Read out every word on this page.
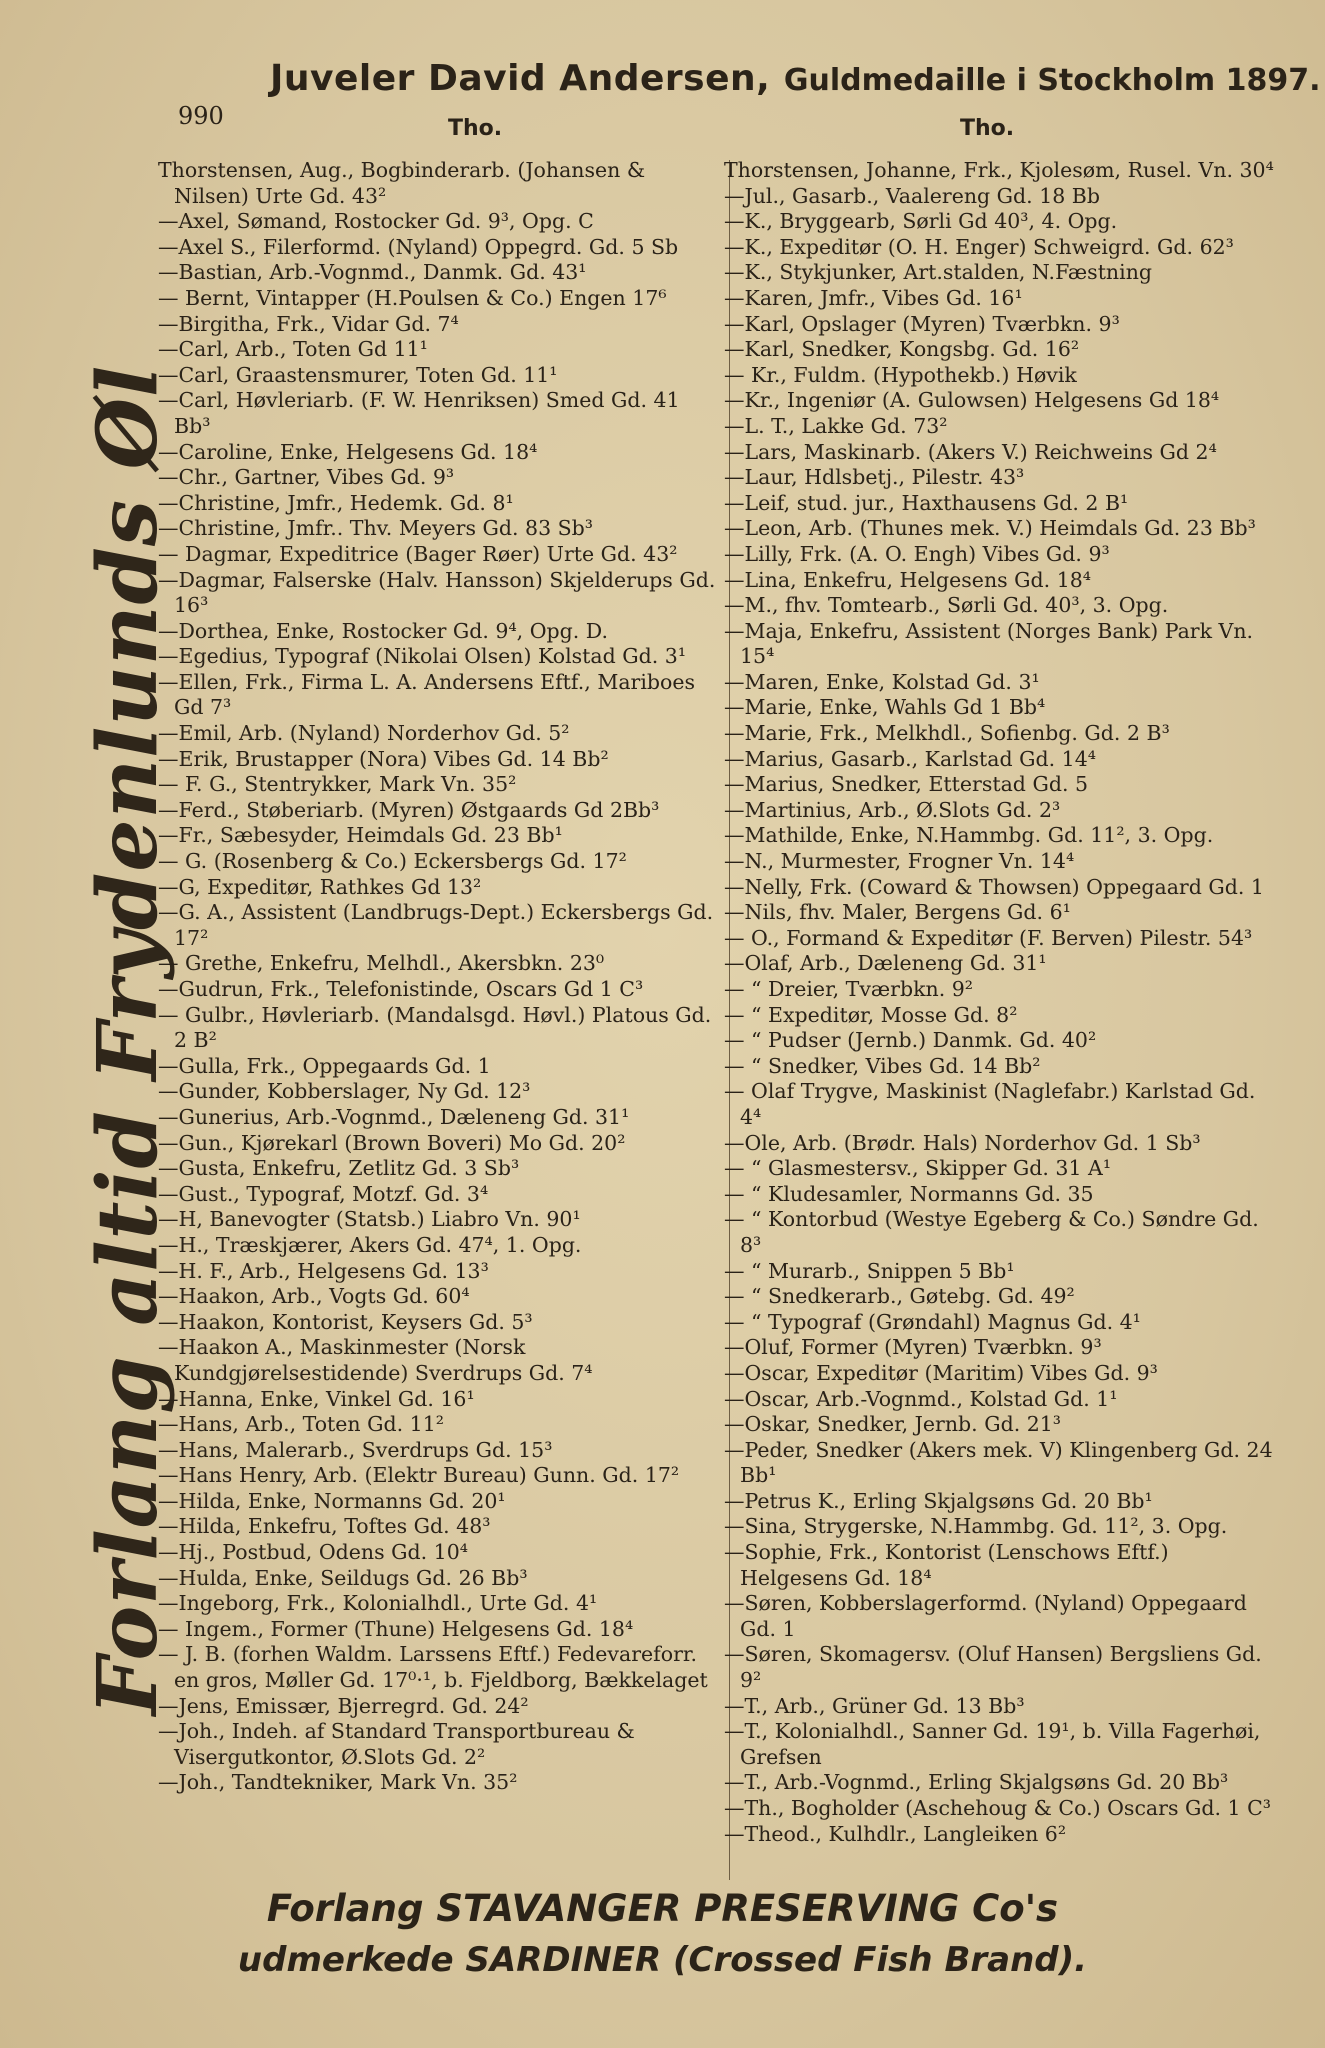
Juveler David Andersen, Guldmedaille i Stockholm 1897.
990	Tho.	Tho.
Forlang altid Frydenlunds Øl

Thorstensen, Aug., Bogbinderarb. (Johansen & Nilsen) Urte Gd. 43²

—Axel, Sømand, Rostocker Gd. 9³, Opg. C

—Axel S., Filerformd. (Nyland) Oppegrd. Gd. 5 Sb

—Bastian, Arb.-Vognmd., Danmk. Gd. 43¹

— Bernt, Vintapper (H.Poulsen & Co.) Engen 17⁶

—Birgitha, Frk., Vidar Gd. 7⁴

—Carl, Arb., Toten Gd 11¹

—Carl, Graastensmurer, Toten Gd. 11¹

—Carl, Høvleriarb. (F. W. Henriksen) Smed Gd. 41 Bb³

—Caroline, Enke, Helgesens Gd. 18⁴

—Chr., Gartner, Vibes Gd. 9³

—Christine, Jmfr., Hedemk. Gd. 8¹

—Christine, Jmfr.. Thv. Meyers Gd. 83 Sb³

— Dagmar, Expeditrice (Bager Røer) Urte Gd. 43²

—Dagmar, Falserske (Halv. Hansson) Skjelderups Gd. 16³

—Dorthea, Enke, Rostocker Gd. 9⁴, Opg. D.

—Egedius, Typograf (Nikolai Olsen) Kolstad Gd. 3¹

—Ellen, Frk., Firma L. A. Andersens Eftf., Mariboes Gd 7³

—Emil, Arb. (Nyland) Norderhov Gd. 5²

—Erik, Brustapper (Nora) Vibes Gd. 14 Bb²

— F. G., Stentrykker, Mark Vn. 35²

—Ferd., Støberiarb. (Myren) Østgaards Gd 2Bb³

—Fr., Sæbesyder, Heimdals Gd. 23 Bb¹

— G. (Rosenberg & Co.) Eckersbergs Gd. 17²

—G, Expeditør, Rathkes Gd 13²

—G. A., Assistent (Landbrugs-Dept.) Eckersbergs Gd. 17²

— Grethe, Enkefru, Melhdl., Akersbkn. 23⁰

—Gudrun, Frk., Telefonistinde, Oscars Gd 1 C³

— Gulbr., Høvleriarb. (Mandalsgd. Høvl.) Platous Gd. 2 B²

—Gulla, Frk., Oppegaards Gd. 1

—Gunder, Kobberslager, Ny Gd. 12³

—Gunerius, Arb.-Vognmd., Dæleneng Gd. 31¹

—Gun., Kjørekarl (Brown Boveri) Mo Gd. 20²

—Gusta, Enkefru, Zetlitz Gd. 3 Sb³

—Gust., Typograf, Motzf. Gd. 3⁴

—H, Banevogter (Statsb.) Liabro Vn. 90¹

—H., Træskjærer, Akers Gd. 47⁴, 1. Opg.

—H. F., Arb., Helgesens Gd. 13³

—Haakon, Arb., Vogts Gd. 60⁴

—Haakon, Kontorist, Keysers Gd. 5³

—Haakon A., Maskinmester (Norsk Kundgjørelsestidende) Sverdrups Gd. 7⁴

—Hanna, Enke, Vinkel Gd. 16¹

—Hans, Arb., Toten Gd. 11²

—Hans, Malerarb., Sverdrups Gd. 15³

—Hans Henry, Arb. (Elektr Bureau) Gunn. Gd. 17²

—Hilda, Enke, Normanns Gd. 20¹

—Hilda, Enkefru, Toftes Gd. 48³

—Hj., Postbud, Odens Gd. 10⁴

—Hulda, Enke, Seildugs Gd. 26 Bb³

—Ingeborg, Frk., Kolonialhdl., Urte Gd. 4¹

— Ingem., Former (Thune) Helgesens Gd. 18⁴

— J. B. (forhen Waldm. Larssens Eftf.) Fedevareforr. en gros, Møller Gd. 17⁰·¹, b. Fjeldborg, Bækkelaget

—Jens, Emissær, Bjerregrd. Gd. 24²

—Joh., Indeh. af Standard Transportbureau & Visergutkontor, Ø.Slots Gd. 2²

—Joh., Tandtekniker, Mark Vn. 35²

Thorstensen, Johanne, Frk., Kjolesøm, Rusel. Vn. 30⁴

—Jul., Gasarb., Vaalereng Gd. 18 Bb

—K., Bryggearb, Sørli Gd 40³, 4. Opg.

—K., Expeditør (O. H. Enger) Schweigrd. Gd. 62³

—K., Stykjunker, Art.stalden, N.Fæstning

—Karen, Jmfr., Vibes Gd. 16¹

—Karl, Opslager (Myren) Tværbkn. 9³

—Karl, Snedker, Kongsbg. Gd. 16²

— Kr., Fuldm. (Hypothekb.) Høvik

—Kr., Ingeniør (A. Gulowsen) Helgesens Gd 18⁴

—L. T., Lakke Gd. 73²

—Lars, Maskinarb. (Akers V.) Reichweins Gd 2⁴

—Laur, Hdlsbetj., Pilestr. 43³

—Leif, stud. jur., Haxthausens Gd. 2 B¹

—Leon, Arb. (Thunes mek. V.) Heimdals Gd. 23 Bb³

—Lilly, Frk. (A. O. Engh) Vibes Gd. 9³

—Lina, Enkefru, Helgesens Gd. 18⁴

—M., fhv. Tomtearb., Sørli Gd. 40³, 3. Opg.

—Maja, Enkefru, Assistent (Norges Bank) Park Vn. 15⁴

—Maren, Enke, Kolstad Gd. 3¹

—Marie, Enke, Wahls Gd 1 Bb⁴

—Marie, Frk., Melkhdl., Sofienbg. Gd. 2 B³

—Marius, Gasarb., Karlstad Gd. 14⁴

—Marius, Snedker, Etterstad Gd. 5

—Martinius, Arb., Ø.Slots Gd. 2³

—Mathilde, Enke, N.Hammbg. Gd. 11², 3. Opg.

—N., Murmester, Frogner Vn. 14⁴

—Nelly, Frk. (Coward & Thowsen) Oppegaard Gd. 1

—Nils, fhv. Maler, Bergens Gd. 6¹

— O., Formand & Expeditør (F. Berven) Pilestr. 54³

—Olaf, Arb., Dæleneng Gd. 31¹

— “ Dreier, Tværbkn. 9²

— “ Expeditør, Mosse Gd. 8²

— “ Pudser (Jernb.) Danmk. Gd. 40²

— “ Snedker, Vibes Gd. 14 Bb²

— Olaf Trygve, Maskinist (Naglefabr.) Karlstad Gd. 4⁴

—Ole, Arb. (Brødr. Hals) Norderhov Gd. 1 Sb³

— “ Glasmestersv., Skipper Gd. 31 A¹

— “ Kludesamler, Normanns Gd. 35

— “ Kontorbud (Westye Egeberg & Co.) Søndre Gd. 8³

— “ Murarb., Snippen 5 Bb¹

— “ Snedkerarb., Gøtebg. Gd. 49²

— “ Typograf (Grøndahl) Magnus Gd. 4¹

—Oluf, Former (Myren) Tværbkn. 9³

—Oscar, Expeditør (Maritim) Vibes Gd. 9³

—Oscar, Arb.-Vognmd., Kolstad Gd. 1¹

—Oskar, Snedker, Jernb. Gd. 21³

—Peder, Snedker (Akers mek. V) Klingenberg Gd. 24 Bb¹

—Petrus K., Erling Skjalgsøns Gd. 20 Bb¹

—Sina, Strygerske, N.Hammbg. Gd. 11², 3. Opg.

—Sophie, Frk., Kontorist (Lenschows Eftf.) Helgesens Gd. 18⁴

—Søren, Kobberslagerformd. (Nyland) Oppegaard Gd. 1

—Søren, Skomagersv. (Oluf Hansen) Bergsliens Gd. 9²

—T., Arb., Grüner Gd. 13 Bb³

—T., Kolonialhdl., Sanner Gd. 19¹, b. Villa Fagerhøi, Grefsen

—T., Arb.-Vognmd., Erling Skjalgsøns Gd. 20 Bb³

—Th., Bogholder (Aschehoug & Co.) Oscars Gd. 1 C³

—Theod., Kulhdlr., Langleiken 6²

Forlang STAVANGER PRESERVING Co's
udmerkede SARDINER (Crossed Fish Brand).
